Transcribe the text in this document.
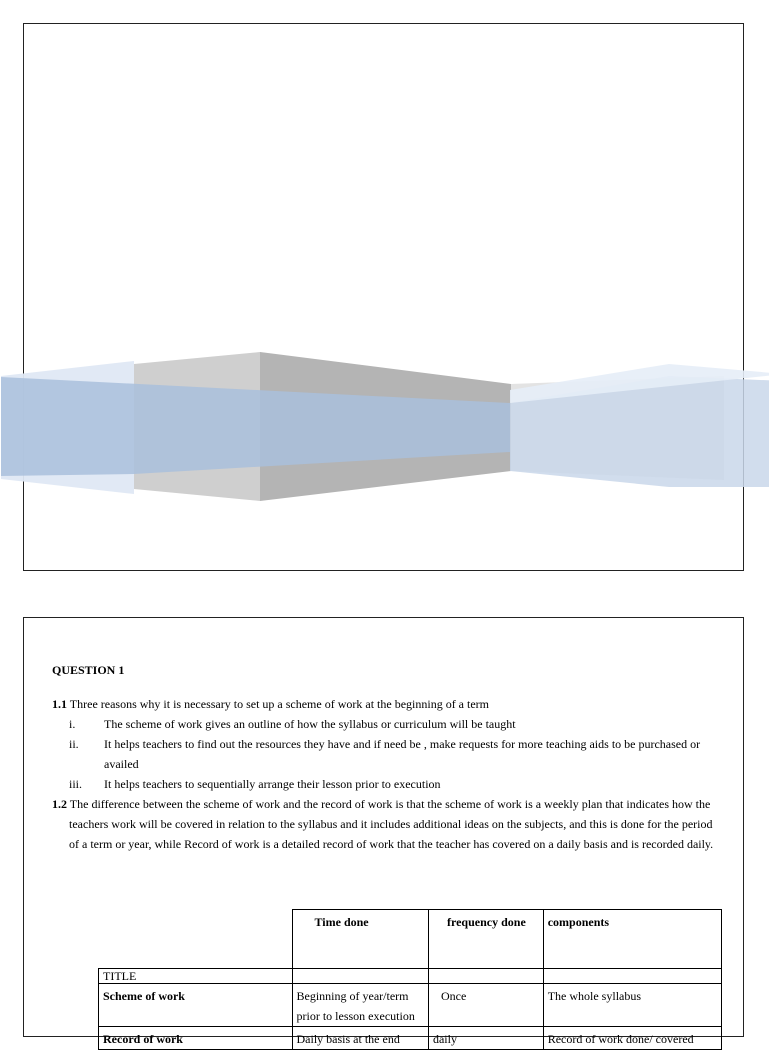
QUESTION 1

1.1 Three reasons why it is necessary to set up a scheme of work at the beginning of a term

i. The scheme of work gives an outline of how the syllabus or curriculum will be taught
ii. It helps teachers to find out the resources they have and if need be , make requests for more teaching aids to be purchased or availed
iii. It helps teachers to sequentially arrange their lesson prior to execution

1.2 The difference between the scheme of work and the record of work is that the scheme of work is a weekly plan that indicates how the teachers work will be covered in relation to the syllabus and it includes additional ideas on the subjects, and this is done for the period of a term or year, while Record of work is a detailed record of work that the teacher has covered on a daily basis and is recorded daily.

	Time done	frequency done	components
TITLE			
Scheme of work	Beginning of year/term prior to lesson execution	Once	The whole syllabus
Record of work	Daily basis at the end	daily	Record of work done/ covered
